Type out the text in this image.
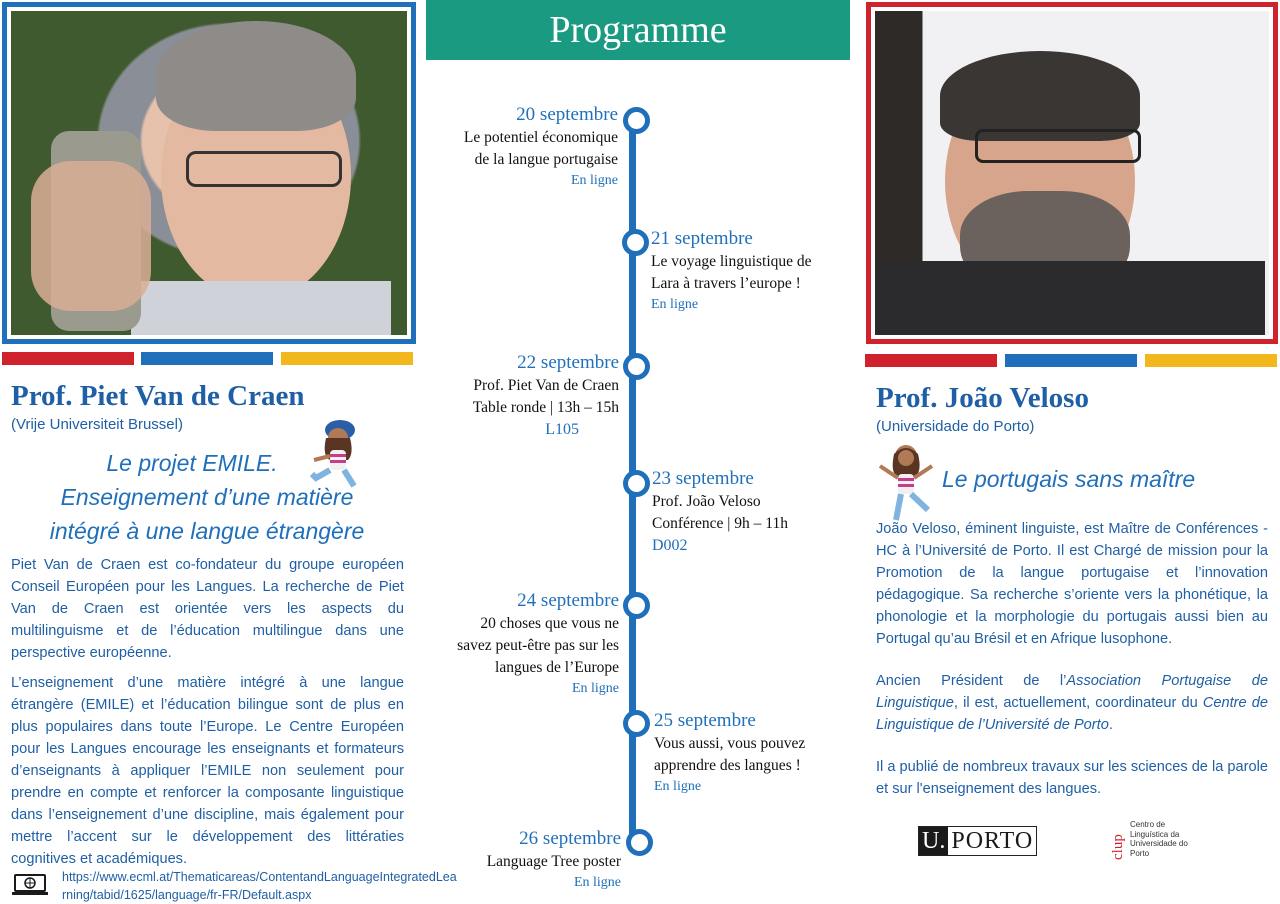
Prof. Piet Van de Craen
(Vrije Universiteit Brussel)
Le projet EMILE.
Enseignement d’une matière
intégré à une langue étrangère

Piet Van de Craen est co-fondateur du groupe européen Conseil Européen pour les Langues. La recherche de Piet Van de Craen est orientée vers les aspects du multilinguisme et de l’éducation multilingue dans une perspective européenne.

L’enseignement d’une matière intégré à une langue étrangère (EMILE) et l’éducation bilingue sont de plus en plus populaires dans toute l’Europe. Le Centre Européen pour les Langues encourage les enseignants et formateurs d’enseignants à appliquer l’EMILE non seulement pour prendre en compte et renforcer la composante linguistique dans l’enseignement d’une discipline, mais également pour mettre l’accent sur le développement des littératies cognitives et académiques.

https://www.ecml.at/Thematicareas/ContentandLanguageIntegratedLea
rning/tabid/1625/language/fr-FR/Default.aspx
Programme
20 septembre
Le potentiel économique
de la langue portugaise
En ligne
21 septembre
Le voyage linguistique de
Lara à travers l’europe !
En ligne
22 septembre
Prof. Piet Van de Craen
Table ronde | 13h – 15h
L105
23 septembre
Prof. João Veloso
Conférence | 9h – 11h
D002
24 septembre
20 choses que vous ne
savez peut-être pas sur les
langues de l’Europe
En ligne
25 septembre
Vous aussi, vous pouvez
apprendre des langues !
En ligne
26 septembre
Language Tree poster
En ligne
Prof. João Veloso
(Universidade do Porto)
Le portugais sans maître

João Veloso, éminent linguiste, est Maître de Conférences - HC à l’Université de Porto. Il est Chargé de mission pour la Promotion de la langue portugaise et l’innovation pédagogique. Sa recherche s’oriente vers la phonétique, la phonologie et la morphologie du portugais aussi bien au Portugal qu’au Brésil et en Afrique lusophone.

Ancien Président de l’Association Portugaise de Linguistique, il est, actuellement, coordinateur du Centre de Linguistique de l’Université de Porto.

Il a publié de nombreux travaux sur les sciences de la parole et sur l'enseignement des langues.

U. PORTO	clup
Centro de
Linguística da
Universidade do
Porto
